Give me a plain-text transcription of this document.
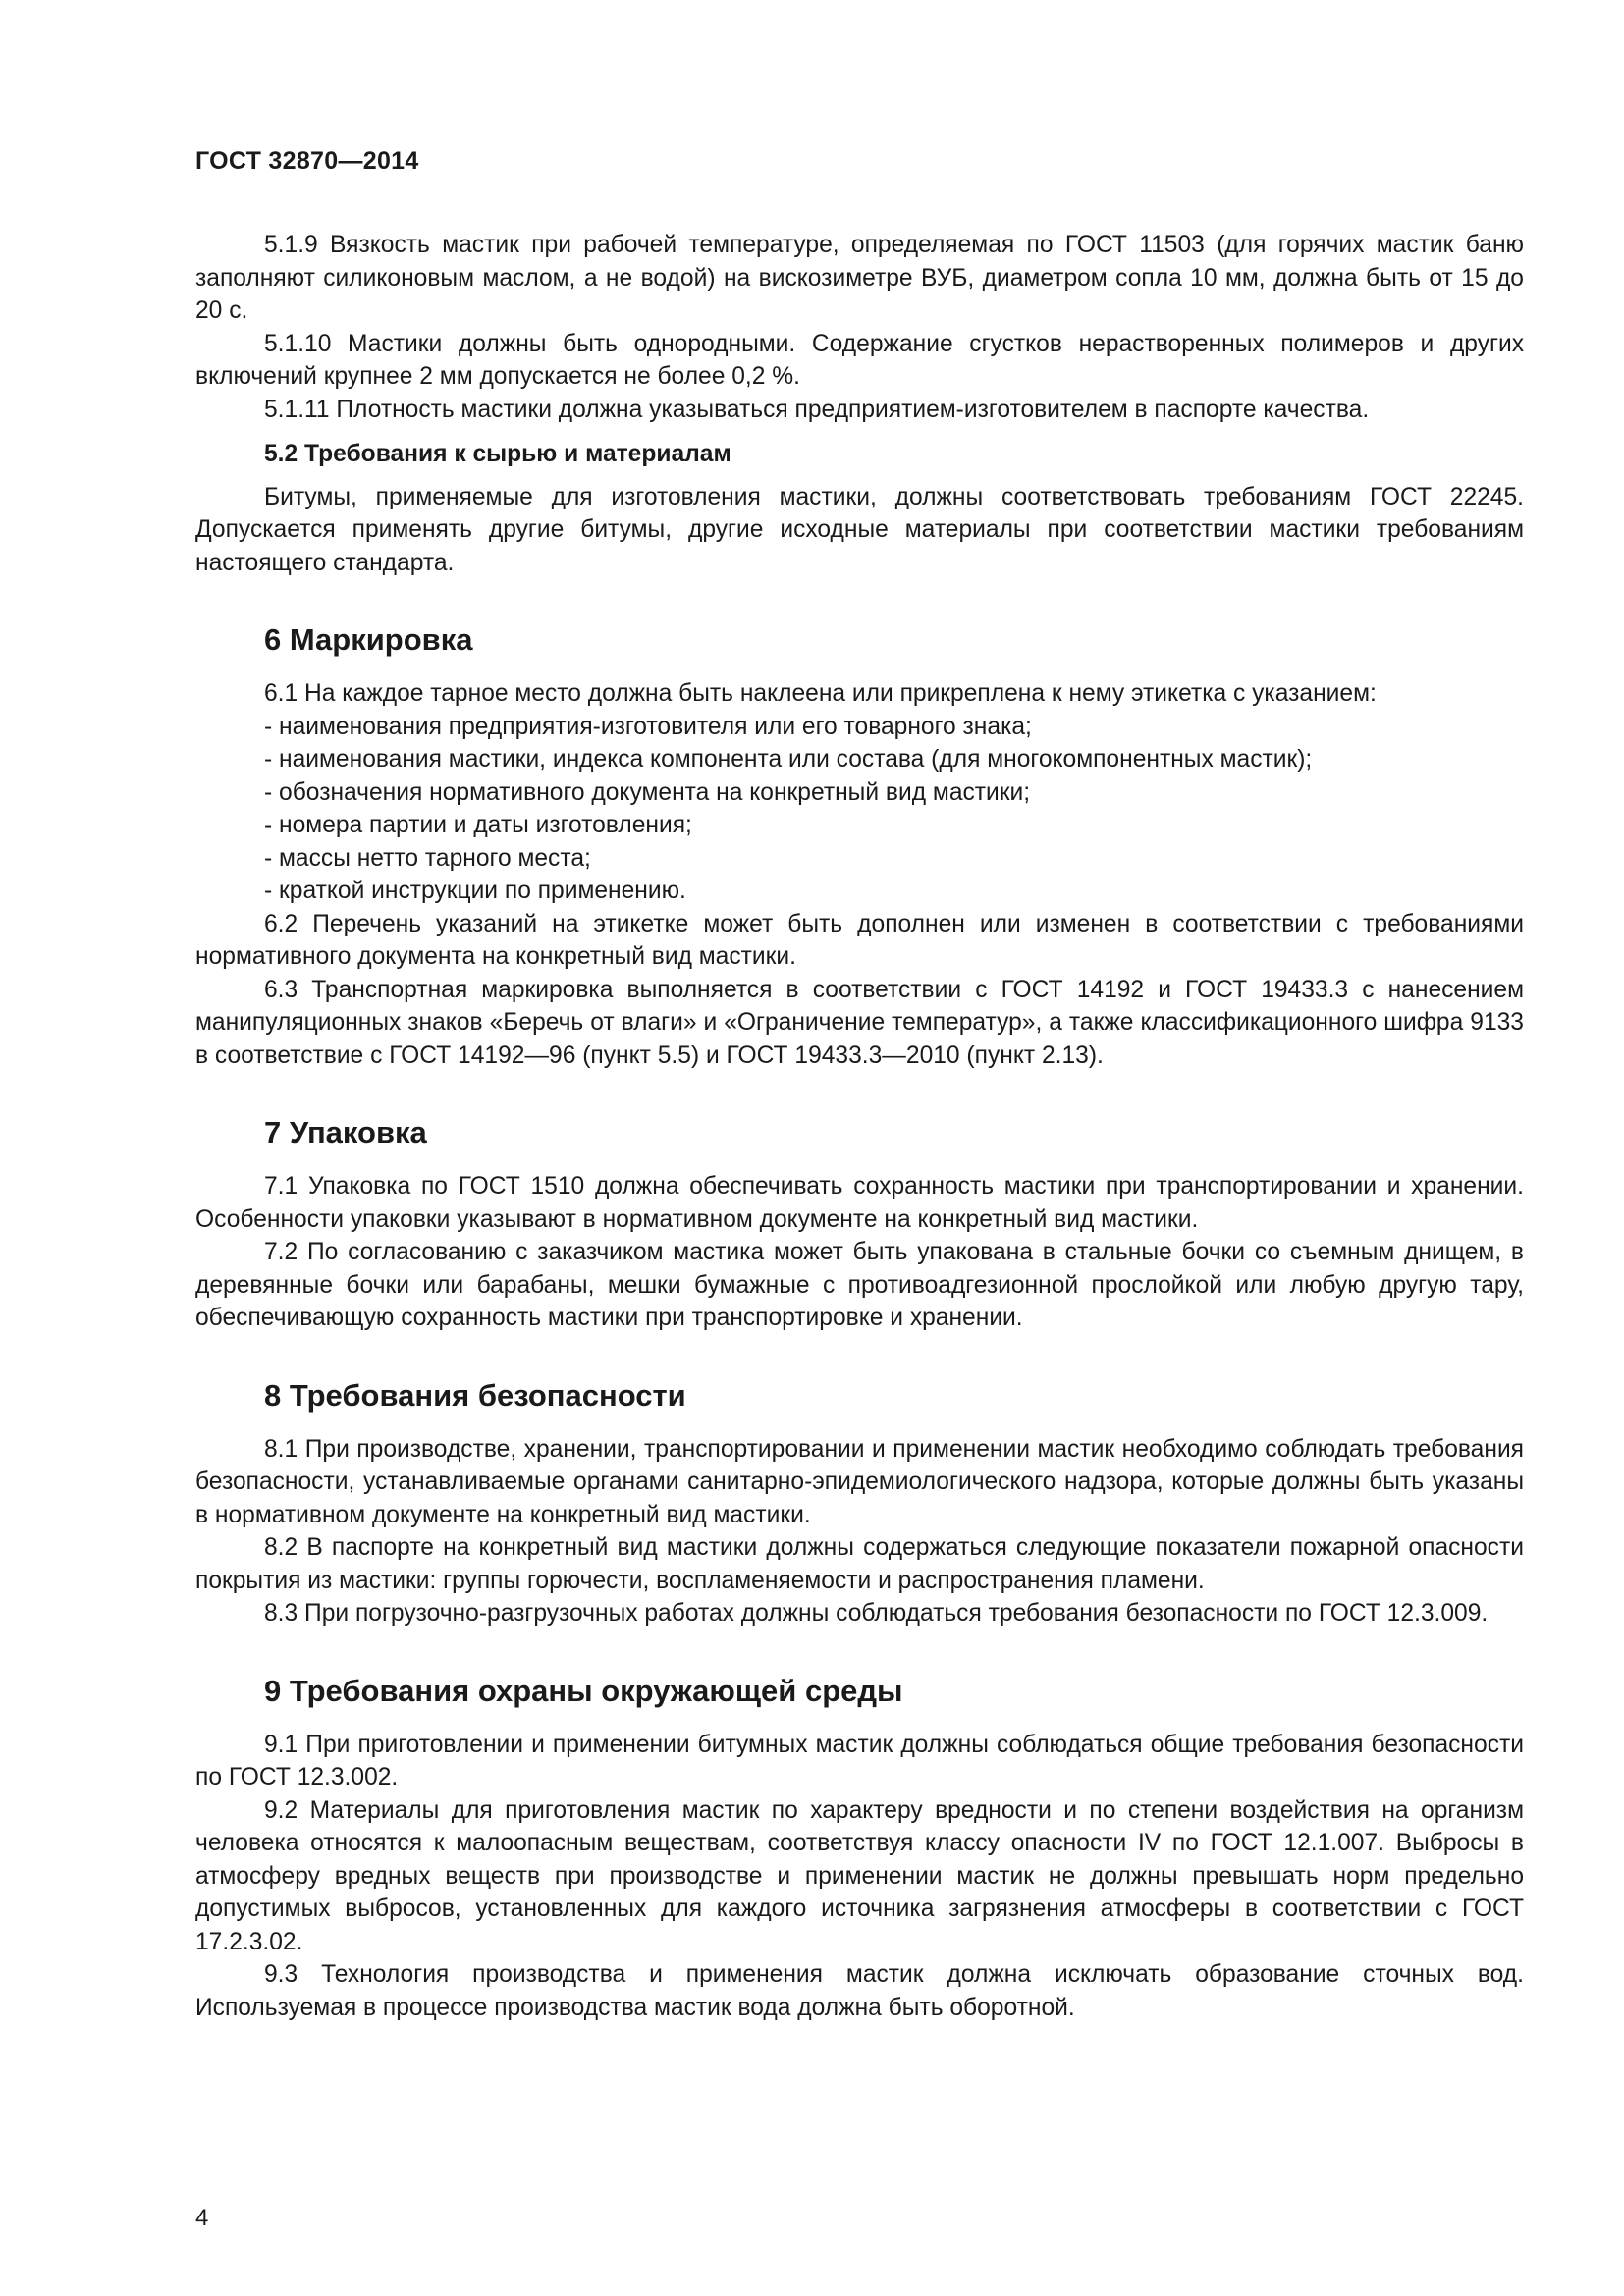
ГОСТ 32870—2014

5.1.9 Вязкость мастик при рабочей температуре, определяемая по ГОСТ 11503 (для горячих мастик баню заполняют силиконовым маслом, а не водой) на вискозиметре ВУБ, диаметром сопла 10 мм, должна быть от 15 до 20 с.

5.1.10 Мастики должны быть однородными. Содержание сгустков нерастворенных полимеров и других включений крупнее 2 мм допускается не более 0,2 %.

5.1.11 Плотность мастики должна указываться предприятием-изготовителем в паспорте качества.

5.2 Требования к сырью и материалам

Битумы, применяемые для изготовления мастики, должны соответствовать требованиям ГОСТ 22245. Допускается применять другие битумы, другие исходные материалы при соответствии мастики требованиям настоящего стандарта.

6 Маркировка

6.1 На каждое тарное место должна быть наклеена или прикреплена к нему этикетка с указанием:

- наименования предприятия-изготовителя или его товарного знака;

- наименования мастики, индекса компонента или состава (для многокомпонентных мастик);

- обозначения нормативного документа на конкретный вид мастики;

- номера партии и даты изготовления;

- массы нетто тарного места;

- краткой инструкции по применению.

6.2 Перечень указаний на этикетке может быть дополнен или изменен в соответствии с требованиями нормативного документа на конкретный вид мастики.

6.3 Транспортная маркировка выполняется в соответствии с ГОСТ 14192 и ГОСТ 19433.3 с нанесением манипуляционных знаков «Беречь от влаги» и «Ограничение температур», а также классификационного шифра 9133 в соответствие с ГОСТ 14192—96 (пункт 5.5) и ГОСТ 19433.3—2010 (пункт 2.13).

7 Упаковка

7.1 Упаковка по ГОСТ 1510 должна обеспечивать сохранность мастики при транспортировании и хранении. Особенности упаковки указывают в нормативном документе на конкретный вид мастики.

7.2 По согласованию с заказчиком мастика может быть упакована в стальные бочки со съемным днищем, в деревянные бочки или барабаны, мешки бумажные с противоадгезионной прослойкой или любую другую тару, обеспечивающую сохранность мастики при транспортировке и хранении.

8 Требования безопасности

8.1 При производстве, хранении, транспортировании и применении мастик необходимо соблюдать требования безопасности, устанавливаемые органами санитарно-эпидемиологического надзора, которые должны быть указаны в нормативном документе на конкретный вид мастики.

8.2 В паспорте на конкретный вид мастики должны содержаться следующие показатели пожарной опасности покрытия из мастики: группы горючести, воспламеняемости и распространения пламени.

8.3 При погрузочно-разгрузочных работах должны соблюдаться требования безопасности по ГОСТ 12.3.009.

9 Требования охраны окружающей среды

9.1 При приготовлении и применении битумных мастик должны соблюдаться общие требования безопасности по ГОСТ 12.3.002.

9.2 Материалы для приготовления мастик по характеру вредности и по степени воздействия на организм человека относятся к малоопасным веществам, соответствуя классу опасности IV по ГОСТ 12.1.007. Выбросы в атмосферу вредных веществ при производстве и применении мастик не должны превышать норм предельно допустимых выбросов, установленных для каждого источника загрязнения атмосферы в соответствии с ГОСТ 17.2.3.02.

9.3 Технология производства и применения мастик должна исключать образование сточных вод. Используемая в процессе производства мастик вода должна быть оборотной.

4
